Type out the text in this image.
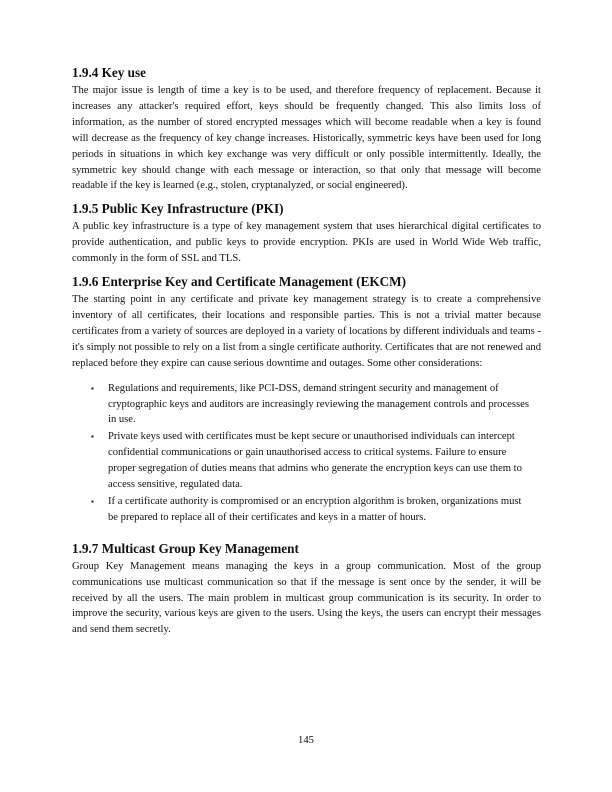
1.9.4 Key use

The major issue is length of time a key is to be used, and therefore frequency of replacement. Because it increases any attacker's required effort, keys should be frequently changed. This also limits loss of information, as the number of stored encrypted messages which will become readable when a key is found will decrease as the frequency of key change increases. Historically, symmetric keys have been used for long periods in situations in which key exchange was very difficult or only possible intermittently. Ideally, the symmetric key should change with each message or interaction, so that only that message will become readable if the key is learned (e.g., stolen, cryptanalyzed, or social engineered).

1.9.5 Public Key Infrastructure (PKI)

A public key infrastructure is a type of key management system that uses hierarchical digital certificates to provide authentication, and public keys to provide encryption. PKIs are used in World Wide Web traffic, commonly in the form of SSL and TLS.

1.9.6 Enterprise Key and Certificate Management (EKCM)

The starting point in any certificate and private key management strategy is to create a comprehensive inventory of all certificates, their locations and responsible parties. This is not a trivial matter because certificates from a variety of sources are deployed in a variety of locations by different individuals and teams - it's simply not possible to rely on a list from a single certificate authority. Certificates that are not renewed and replaced before they expire can cause serious downtime and outages. Some other considerations:

▪ Regulations and requirements, like PCI-DSS, demand stringent security and management of cryptographic keys and auditors are increasingly reviewing the management controls and processes in use.
▪ Private keys used with certificates must be kept secure or unauthorised individuals can intercept confidential communications or gain unauthorised access to critical systems. Failure to ensure proper segregation of duties means that admins who generate the encryption keys can use them to access sensitive, regulated data.
▪ If a certificate authority is compromised or an encryption algorithm is broken, organizations must be prepared to replace all of their certificates and keys in a matter of hours.
1.9.7 Multicast Group Key Management

Group Key Management means managing the keys in a group communication. Most of the group communications use multicast communication so that if the message is sent once by the sender, it will be received by all the users. The main problem in multicast group communication is its security. In order to improve the security, various keys are given to the users. Using the keys, the users can encrypt their messages and send them secretly.

145
